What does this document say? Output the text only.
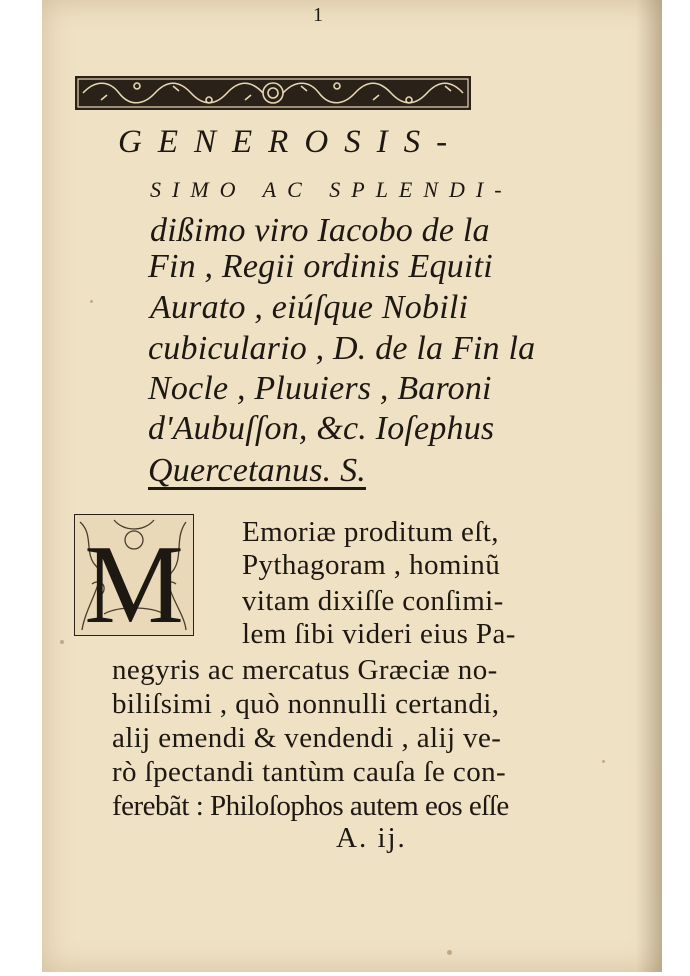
1
GENEROSIS-
SIMO AC SPLENDI-
dißimo viro Iacobo de la
Fin , Regii ordinis Equiti
Aurato , eiúſque Nobili
cubiculario , D. de la Fin la
Nocle , Pluuiers , Baroni
d'Aubuſſon, &c. Ioſephus
Quercetanus. S.
M Emoriæ proditum eſt,
Pythagoram , hominũ
vitam dixiſſe conſimi-
lem ſibi videri eius Pa-
negyris ac mercatus Græciæ no-
biliſsimi , quò nonnulli certandi,
alij emendi & vendendi , alij ve-
rò ſpectandi tantùm cauſa ſe con-
ferebãt : Philoſophos autem eos eſſe
A. ij.
